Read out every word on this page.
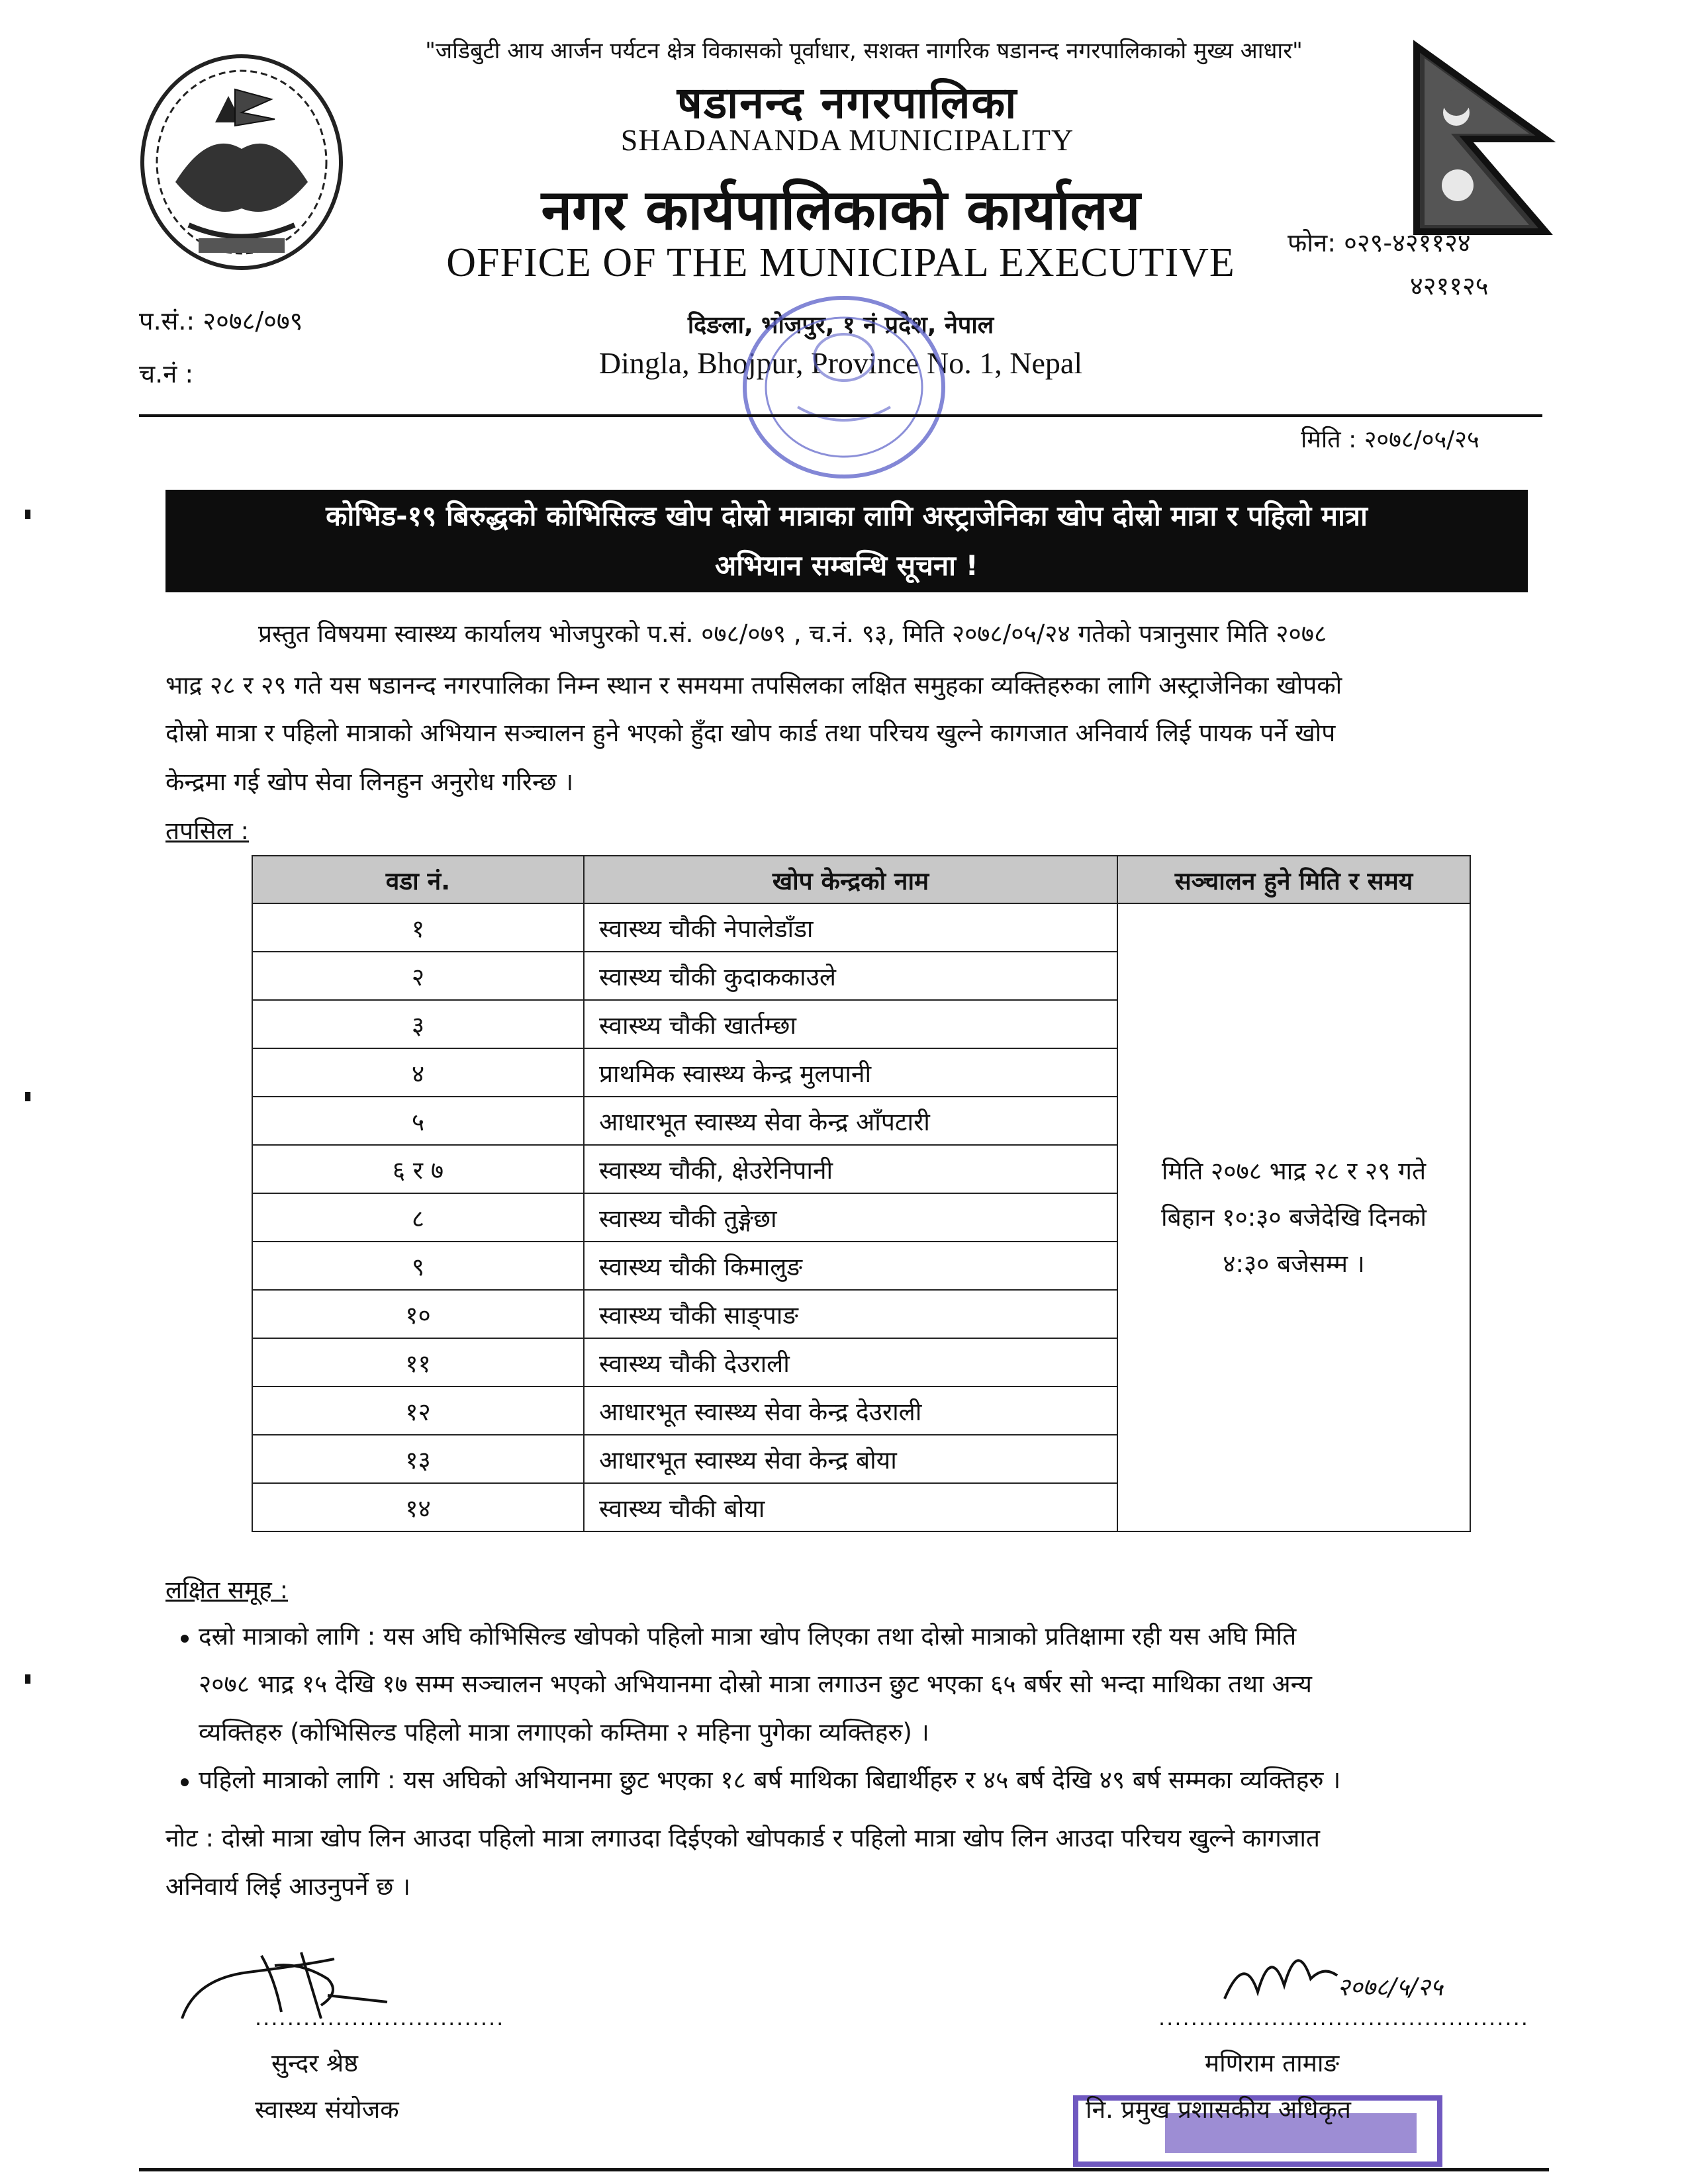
"जडिबुटी आय आर्जन पर्यटन क्षेत्र विकासको पूर्वाधार, सशक्त नागरिक षडानन्द नगरपालिकाको मुख्य आधार"
षडानन्द नगरपालिका
SHADANANDA MUNICIPALITY
नगर कार्यपालिकाको कार्यालय
OFFICE OF THE MUNICIPAL EXECUTIVE	फोन: ०२९-४२११२४
४२११२५
प.सं.: २०७८/०७९
च.नं :
दिङला, भोजपुर, १ नं प्रदेश, नेपाल
Dingla, Bhojpur, Province No. 1, Nepal
मिति : २०७८/०५/२५
कोभिड-१९ बिरुद्धको कोभिसिल्ड खोप दोस्रो मात्राका लागि अस्ट्राजेनिका खोप दोस्रो मात्रा र पहिलो मात्रा
अभियान सम्बन्धि सूचना !
प्रस्तुत विषयमा स्वास्थ्य कार्यालय भोजपुरको प.सं. ०७८/०७९ , च.नं. ९३, मिति २०७८/०५/२४ गतेको पत्रानुसार मिति २०७८
भाद्र २८ र २९ गते यस षडानन्द नगरपालिका निम्न स्थान र समयमा तपसिलका लक्षित समुहका व्यक्तिहरुका लागि अस्ट्राजेनिका खोपको
दोस्रो मात्रा र पहिलो मात्राको अभियान सञ्चालन हुने भएको हुँदा खोप कार्ड तथा परिचय खुल्ने कागजात अनिवार्य लिई पायक पर्ने खोप
केन्द्रमा गई खोप सेवा लिनहुन अनुरोध गरिन्छ ।
तपसिल :
वडा नं.	खोप केन्द्रको नाम	सञ्चालन हुने मिति र समय
१	स्वास्थ्य चौकी नेपालेडाँडा	मिति २०७८ भाद्र २८ र २९ गते
बिहान १०:३० बजेदेखि दिनको
४:३० बजेसम्म ।

२	स्वास्थ्य चौकी कुदाककाउले	
३	स्वास्थ्य चौकी खार्तम्छा	
४	प्राथमिक स्वास्थ्य केन्द्र मुलपानी	
५	आधारभूत स्वास्थ्य सेवा केन्द्र आँपटारी	
६ र ७	स्वास्थ्य चौकी, क्षेउरेनिपानी	
८	स्वास्थ्य चौकी तुङ्गेछा	
९	स्वास्थ्य चौकी किमालुङ	
१०	स्वास्थ्य चौकी साङ्पाङ	
११	स्वास्थ्य चौकी देउराली	
१२	आधारभूत स्वास्थ्य सेवा केन्द्र देउराली	
१३	आधारभूत स्वास्थ्य सेवा केन्द्र बोया	
१४	स्वास्थ्य चौकी बोया	
लक्षित समूह :
दस्रो मात्राको लागि : यस अघि कोभिसिल्ड खोपको पहिलो मात्रा खोप लिएका तथा दोस्रो मात्राको प्रतिक्षामा रही यस अघि मिति
२०७८ भाद्र १५ देखि १७ सम्म सञ्चालन भएको अभियानमा दोस्रो मात्रा लगाउन छुट भएका ६५ बर्षर सो भन्दा माथिका तथा अन्य
व्यक्तिहरु (कोभिसिल्ड पहिलो मात्रा लगाएको कम्तिमा २ महिना पुगेका व्यक्तिहरु) ।
पहिलो मात्राको लागि : यस अघिको अभियानमा छुट भएका १८ बर्ष माथिका बिद्यार्थीहरु र ४५ बर्ष देखि ४९ बर्ष सम्मका व्यक्तिहरु ।
नोट : दोस्रो मात्रा खोप लिन आउदा पहिलो मात्रा लगाउदा दिईएको खोपकार्ड र पहिलो मात्रा खोप लिन आउदा परिचय खुल्ने कागजात
अनिवार्य लिई आउनुपर्ने छ ।
...............................
सुन्दर श्रेष्ठ
स्वास्थ्य संयोजक
२०७८/५/२५
..............................................
मणिराम तामाङ
नि. प्रमुख प्रशासकीय अधिकृत
